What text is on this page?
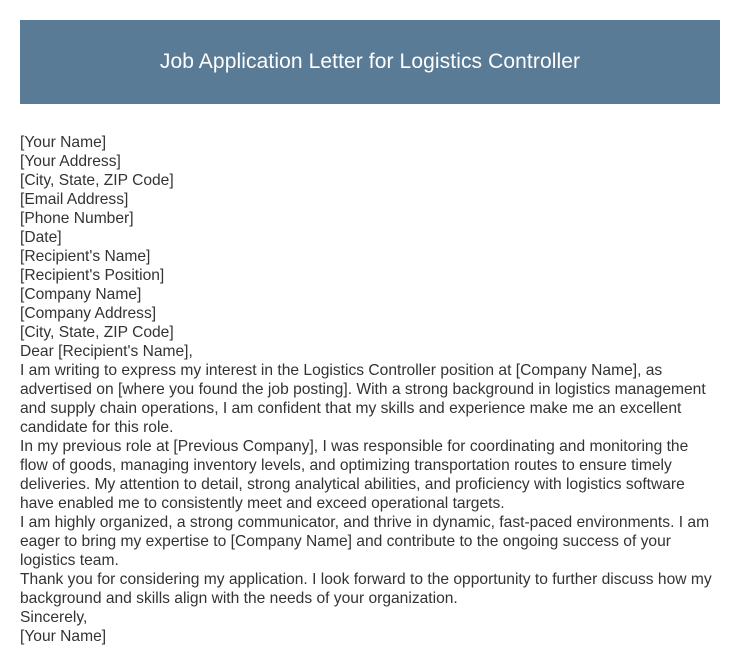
Job Application Letter for Logistics Controller
[Your Name]
[Your Address]
[City, State, ZIP Code]
[Email Address]
[Phone Number]
[Date]
[Recipient's Name]
[Recipient's Position]
[Company Name]
[Company Address]
[City, State, ZIP Code]
Dear [Recipient's Name],

I am writing to express my interest in the Logistics Controller position at [Company Name], as advertised on [where you found the job posting]. With a strong background in logistics management and supply chain operations, I am confident that my skills and experience make me an excellent candidate for this role.

In my previous role at [Previous Company], I was responsible for coordinating and monitoring the flow of goods, managing inventory levels, and optimizing transportation routes to ensure timely deliveries. My attention to detail, strong analytical abilities, and proficiency with logistics software have enabled me to consistently meet and exceed operational targets.

I am highly organized, a strong communicator, and thrive in dynamic, fast-paced environments. I am eager to bring my expertise to [Company Name] and contribute to the ongoing success of your logistics team.

Thank you for considering my application. I look forward to the opportunity to further discuss how my background and skills align with the needs of your organization.

Sincerely,
[Your Name]
